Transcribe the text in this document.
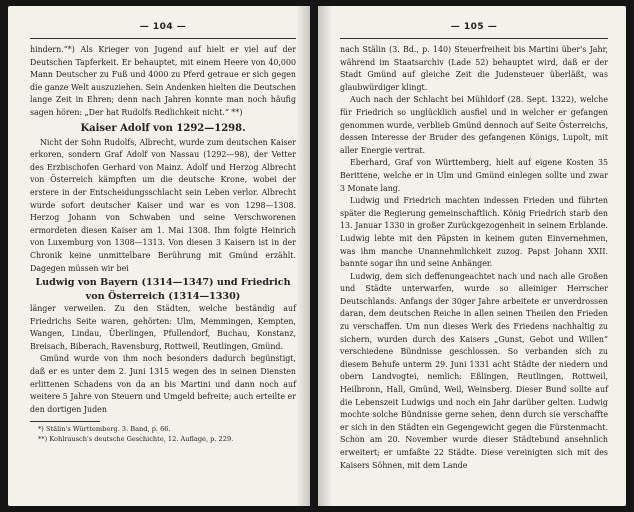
— 104 —

hindern.“*) Als Krieger von Jugend auf hielt er viel auf der Deutschen Tapferkeit. Er behauptet, mit einem Heere von 40,000 Mann Deutscher zu Fuß und 4000 zu Pferd getraue er sich gegen die ganze Welt auszuziehen. Sein Andenken hielten die Deutschen lange Zeit in Ehren; denn nach Jahren konnte man noch häufig sagen hören: „Der hat Rudolfs Redlichkeit nicht.“ **)

Kaiser Adolf von 1292—1298.

Nicht der Sohn Rudolfs, Albrecht, wurde zum deutschen Kaiser erkoren, sondern Graf Adolf von Nassau (1292—98), der Vetter des Erzbischofen Gerhard von Mainz. Adolf und Herzog Albrecht von Österreich kämpften um die deutsche Krone, wobei der erstere in der Entscheidungsschlacht sein Leben verlor. Albrecht wurde sofort deutscher Kaiser und war es von 1298—1308. Herzog Johann von Schwaben und seine Verschworenen ermordeten diesen Kaiser am 1. Mai 1308. Ihm folgte Heinrich von Luxemburg von 1308—1313. Von diesen 3 Kaisern ist in der Chronik keine unmittelbare Berührung mit Gmünd erzählt. Dagegen müssen wir bei

Ludwig von Bayern (1314—1347) und Friedrich
von Österreich (1314—1330)

länger verweilen. Zu den Städten, welche beständig auf Friedrichs Seite waren, gehörten: Ulm, Memmingen, Kempten, Wangen, Lindau, Überlingen, Pfullendorf, Buchau, Konstanz, Breisach, Biberach, Ravensburg, Rottweil, Reutlingen, Gmünd.

Gmünd wurde von ihm noch besonders dadurch begünstigt, daß er es unter dem 2. Juni 1315 wegen des in seinen Diensten erlittenen Schadens von da an bis Martini und dann noch auf weitere 5 Jahre von Steuern und Umgeld befreite; auch erteilte er den dortigen Juden

*) Stälin's Württemberg. 3. Band, p. 66.

**) Kohlrausch's deutsche Geschichte, 12. Auflage, p. 229.

— 105 —

nach Stälin (3. Bd., p. 140) Steuerfreiheit bis Martini über's Jahr, während im Staatsarchiv (Lade 52) behauptet wird, daß er der Stadt Gmünd auf gleiche Zeit die Judensteuer überläßt, was glaubwürdiger klingt.

Auch nach der Schlacht bei Mühldorf (28. Sept. 1322), welche für Friedrich so unglücklich ausfiel und in welcher er gefangen genommen wurde, verblieb Gmünd dennoch auf Seite Österreichs, dessen Interesse der Bruder des gefangenen Königs, Lupolt, mit aller Energie vertrat.

Eberhard, Graf von Württemberg, hielt auf eigene Kosten 35 Berittene, welche er in Ulm und Gmünd einlegen sollte und zwar 3 Monate lang.

Ludwig und Friedrich machten indessen Frieden und führten später die Regierung gemeinschaftlich. König Friedrich starb den 13. Januar 1330 in großer Zurückgezogenheit in seinem Erblande. Ludwig lebte mit den Päpsten in keinem guten Einvernehmen, was ihm manche Unannehmlichkeit zuzog. Papst Johann XXII. bannte sogar ihn und seine Anhänger.

Ludwig, dem sich deffenungeachtet nach und nach alle Großen und Städte unterwarfen, wurde so alleiniger Herrscher Deutschlands. Anfangs der 30ger Jahre arbeitete er unverdrossen daran, dem deutschen Reiche in allen seinen Theilen den Frieden zu verschaffen. Um nun dieses Werk des Friedens nachhaltig zu sichern, wurden durch des Kaisers „Gunst, Gebot und Willen“ verschiedene Bündnisse geschlossen. So verbanden sich zu diesem Behufe unterm 29. Juni 1331 acht Städte der niedern und obern Landvogtei, nemlich: Eßlingen, Reutlingen, Rottweil, Heilbronn, Hall, Gmünd, Weil, Weinsberg. Dieser Bund sollte auf die Lebenszeit Ludwigs und noch ein Jahr darüber gelten. Ludwig mochte solche Bündnisse gerne sehen, denn durch sie verschaffte er sich in den Städten ein Gegengewicht gegen die Fürstenmacht. Schon am 20. November wurde dieser Städtebund ansehnlich erweitert; er umfaßte 22 Städte. Diese vereinigten sich mit des Kaisers Söhnen, mit dem Lande
